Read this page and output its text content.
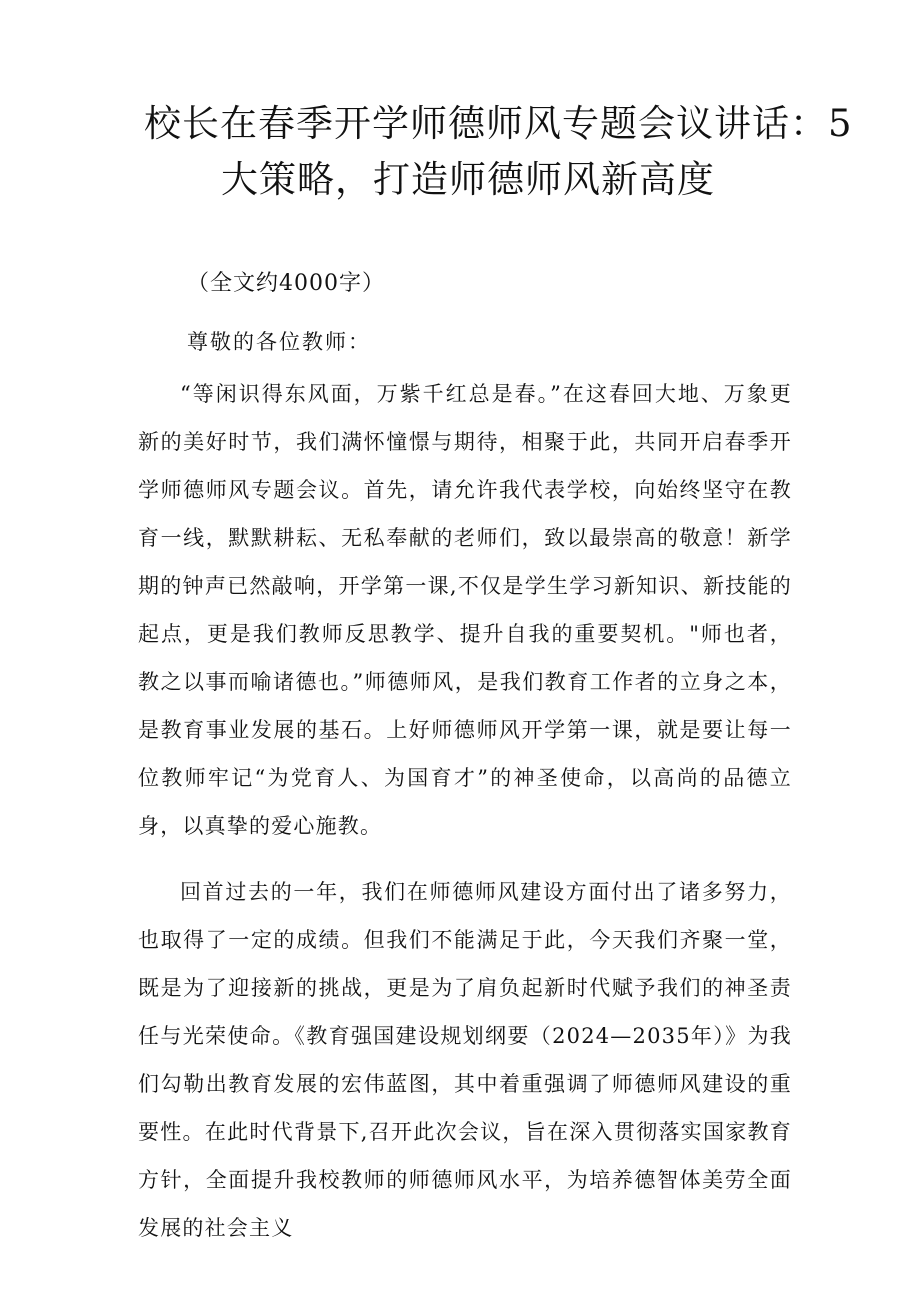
校长在春季开学师德师风专题会议讲话：5
大策略，打造师德师风新高度

（全文约4000字）

尊敬的各位教师：

“等闲识得东风面，万紫千红总是春。”在这春回大地、万象更新的美好时节，我们满怀憧憬与期待，相聚于此，共同开启春季开学师德师风专题会议。首先，请允许我代表学校，向始终坚守在教育一线，默默耕耘、无私奉献的老师们，致以最崇高的敬意！新学期的钟声已然敲响，开学第一课,不仅是学生学习新知识、新技能的起点，更是我们教师反思教学、提升自我的重要契机。"师也者，教之以事而喻诸德也。”师德师风，是我们教育工作者的立身之本，是教育事业发展的基石。上好师德师风开学第一课，就是要让每一位教师牢记“为党育人、为国育才”的神圣使命，以高尚的品德立身，以真挚的爱心施教。

回首过去的一年，我们在师德师风建设方面付出了诸多努力，也取得了一定的成绩。但我们不能满足于此，今天我们齐聚一堂，既是为了迎接新的挑战，更是为了肩负起新时代赋予我们的神圣责任与光荣使命。《教育强国建设规划纲要（2024—2035年）》为我们勾勒出教育发展的宏伟蓝图，其中着重强调了师德师风建设的重要性。在此时代背景下,召开此次会议，旨在深入贯彻落实国家教育方针，全面提升我校教师的师德师风水平，为培养德智体美劳全面发展的社会主义
